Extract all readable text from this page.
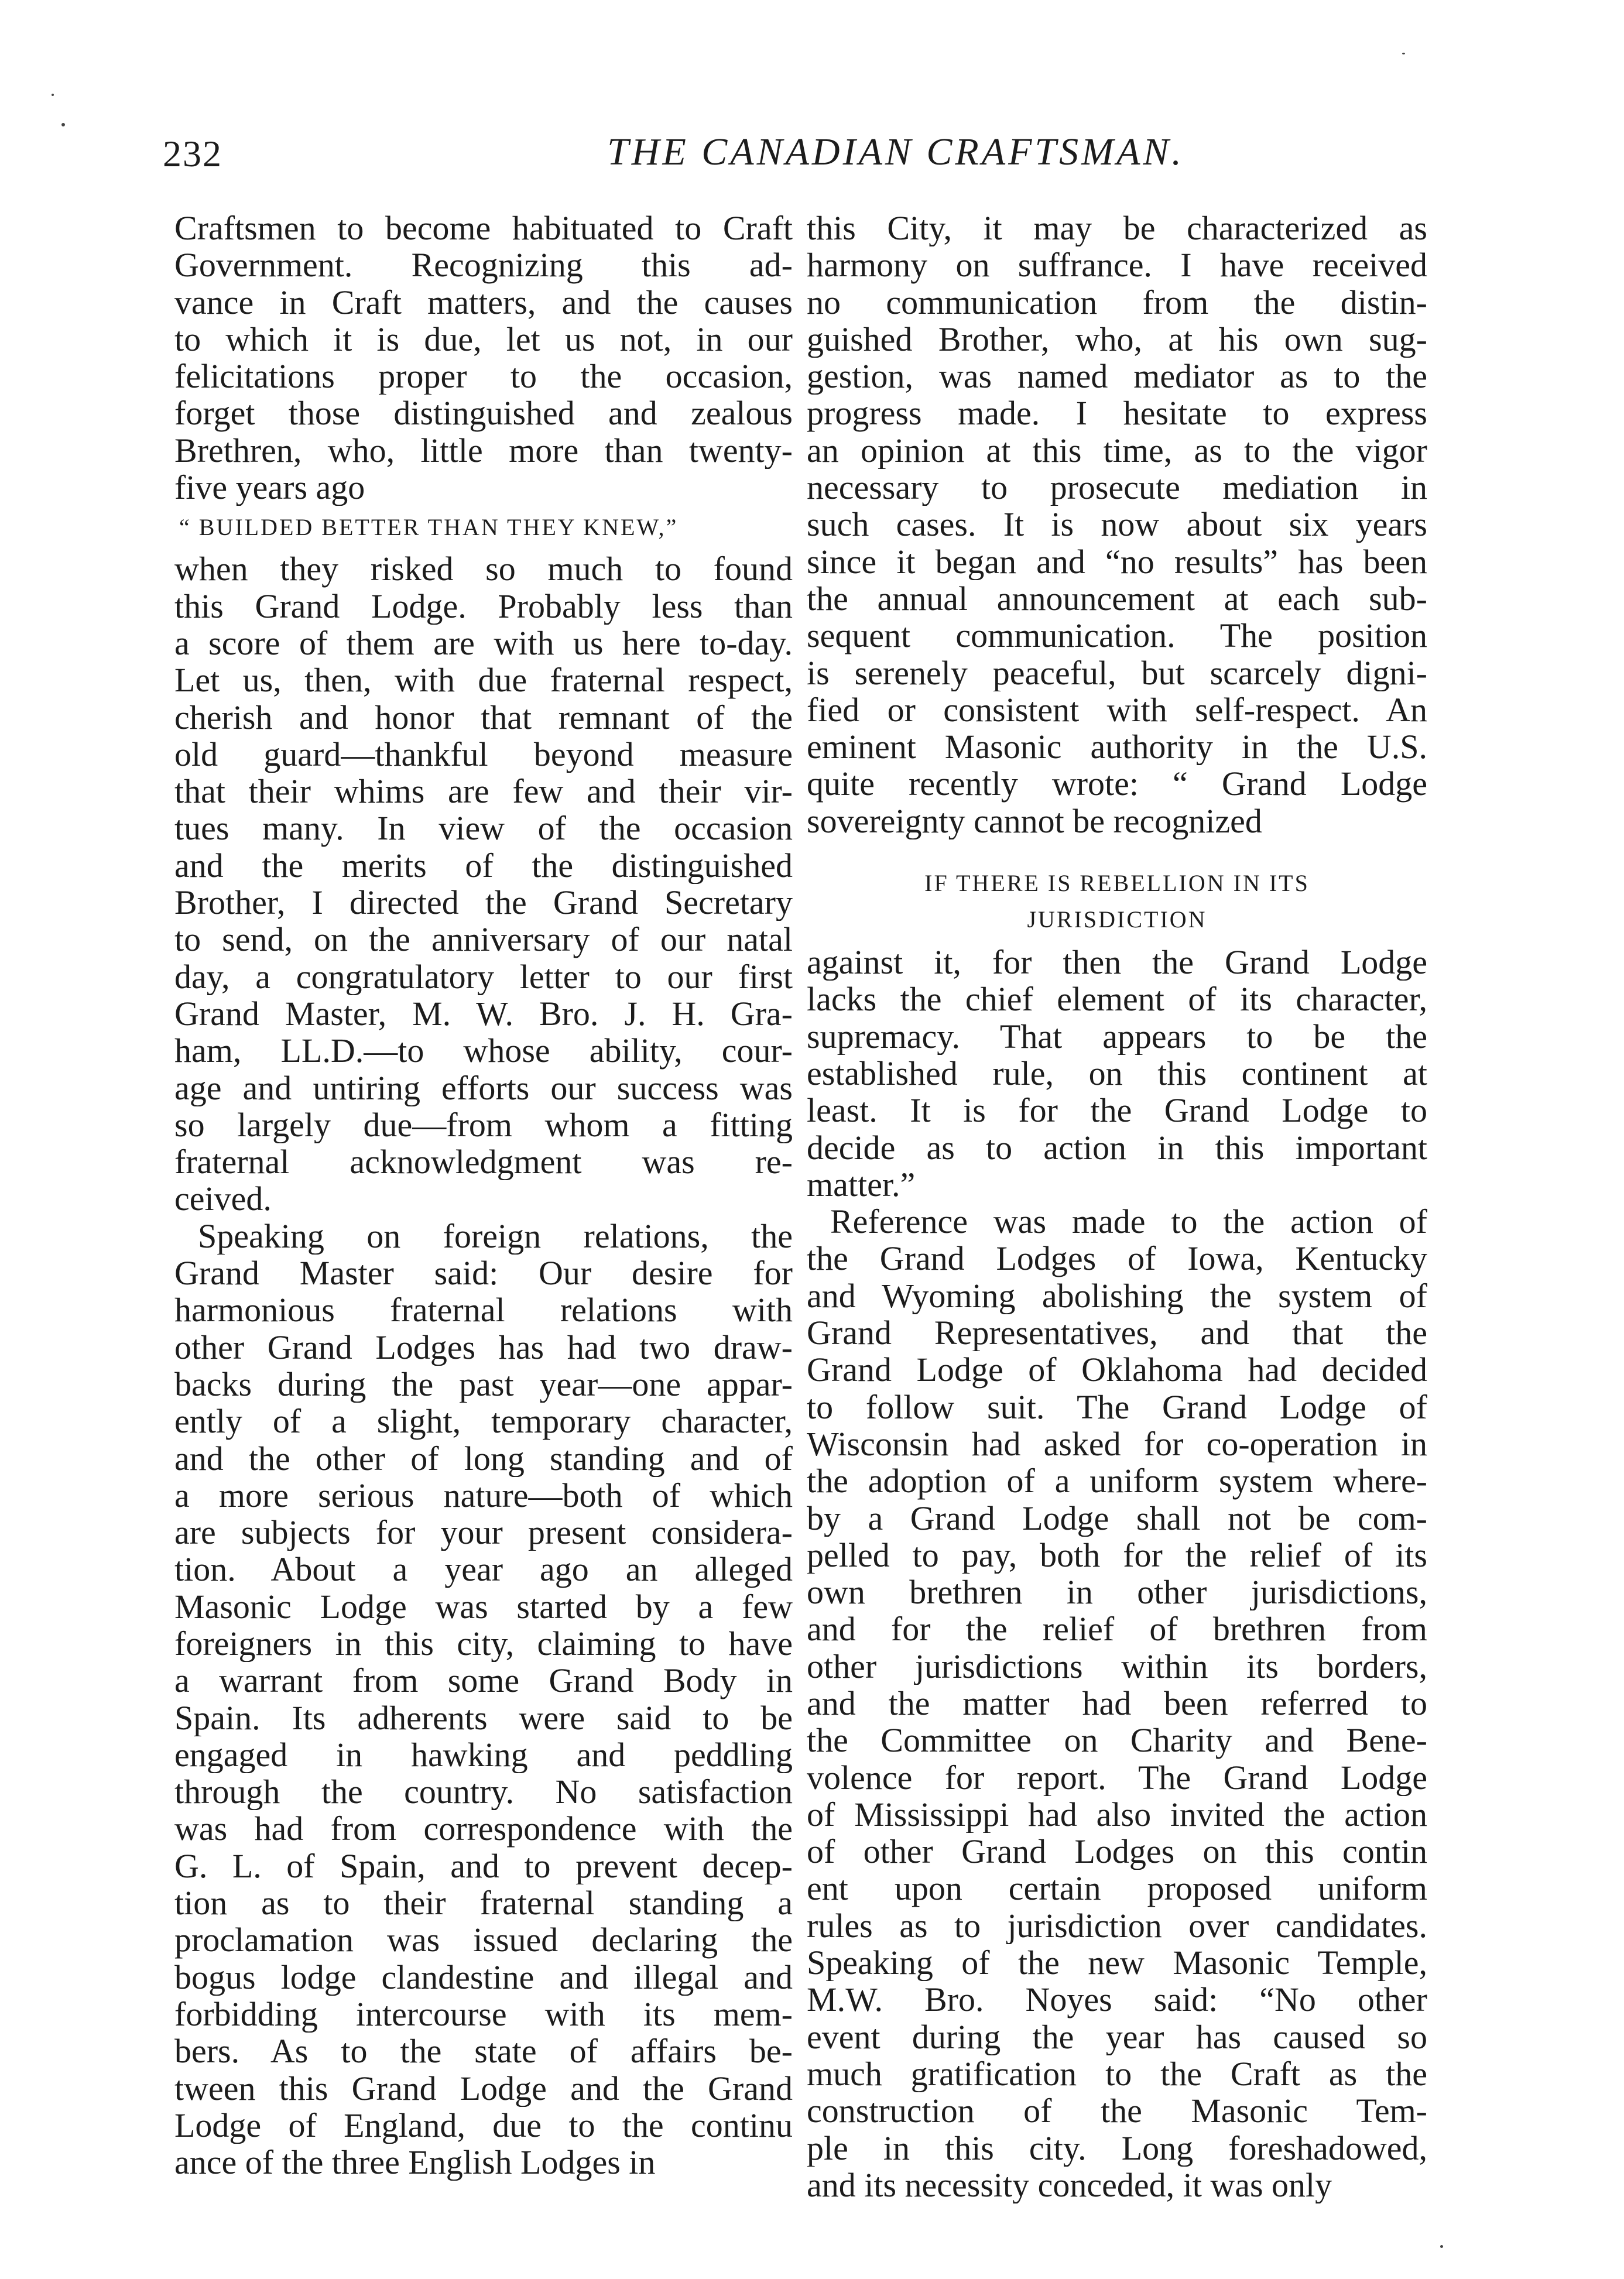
232	THE CANADIAN CRAFTSMAN.
Craftsmen to become habituated to Craft
Government. Recognizing this ad-
vance in Craft matters, and the causes
to which it is due, let us not, in our
felicitations proper to the occasion,
forget those distinguished and zealous
Brethren, who, little more than twenty-
five years ago
“ BUILDED BETTER THAN THEY KNEW,”
when they risked so much to found
this Grand Lodge. Probably less than
a score of them are with us here to-day.
Let us, then, with due fraternal respect,
cherish and honor that remnant of the
old guard—thankful beyond measure
that their whims are few and their vir-
tues many. In view of the occasion
and the merits of the distinguished
Brother, I directed the Grand Secretary
to send, on the anniversary of our natal
day, a congratulatory letter to our first
Grand Master, M. W. Bro. J. H. Gra-
ham, LL.D.—to whose ability, cour-
age and untiring efforts our success was
so largely due—from whom a fitting
fraternal acknowledgment was re-
ceived.
Speaking on foreign relations, the
Grand Master said: Our desire for
harmonious fraternal relations with
other Grand Lodges has had two draw-
backs during the past year—one appar-
ently of a slight, temporary character,
and the other of long standing and of
a more serious nature—both of which
are subjects for your present considera-
tion. About a year ago an alleged
Masonic Lodge was started by a few
foreigners in this city, claiming to have
a warrant from some Grand Body in
Spain. Its adherents were said to be
engaged in hawking and peddling
through the country. No satisfaction
was had from correspondence with the
G. L. of Spain, and to prevent decep-
tion as to their fraternal standing a
proclamation was issued declaring the
bogus lodge clandestine and illegal and
forbidding intercourse with its mem-
bers. As to the state of affairs be-
tween this Grand Lodge and the Grand
Lodge of England, due to the continu
ance of the three English Lodges in
this City, it may be characterized as
harmony on suffrance. I have received
no communication from the distin-
guished Brother, who, at his own sug-
gestion, was named mediator as to the
progress made. I hesitate to express
an opinion at this time, as to the vigor
necessary to prosecute mediation in
such cases. It is now about six years
since it began and “no results” has been
the annual announcement at each sub-
sequent communication. The position
is serenely peaceful, but scarcely digni-
fied or consistent with self-respect. An
eminent Masonic authority in the U.S.
quite recently wrote: “ Grand Lodge
sovereignty cannot be recognized
IF THERE IS REBELLION IN ITS
JURISDICTION
against it, for then the Grand Lodge
lacks the chief element of its character,
supremacy. That appears to be the
established rule, on this continent at
least. It is for the Grand Lodge to
decide as to action in this important
matter.”
Reference was made to the action of
the Grand Lodges of Iowa, Kentucky
and Wyoming abolishing the system of
Grand Representatives, and that the
Grand Lodge of Oklahoma had decided
to follow suit. The Grand Lodge of
Wisconsin had asked for co-operation in
the adoption of a uniform system where-
by a Grand Lodge shall not be com-
pelled to pay, both for the relief of its
own brethren in other jurisdictions,
and for the relief of brethren from
other jurisdictions within its borders,
and the matter had been referred to
the Committee on Charity and Bene-
volence for report. The Grand Lodge
of Mississippi had also invited the action
of other Grand Lodges on this contin
ent upon certain proposed uniform
rules as to jurisdiction over candidates.
Speaking of the new Masonic Temple,
M.W. Bro. Noyes said: “No other
event during the year has caused so
much gratification to the Craft as the
construction of the Masonic Tem-
ple in this city. Long foreshadowed,
and its necessity conceded, it was only
